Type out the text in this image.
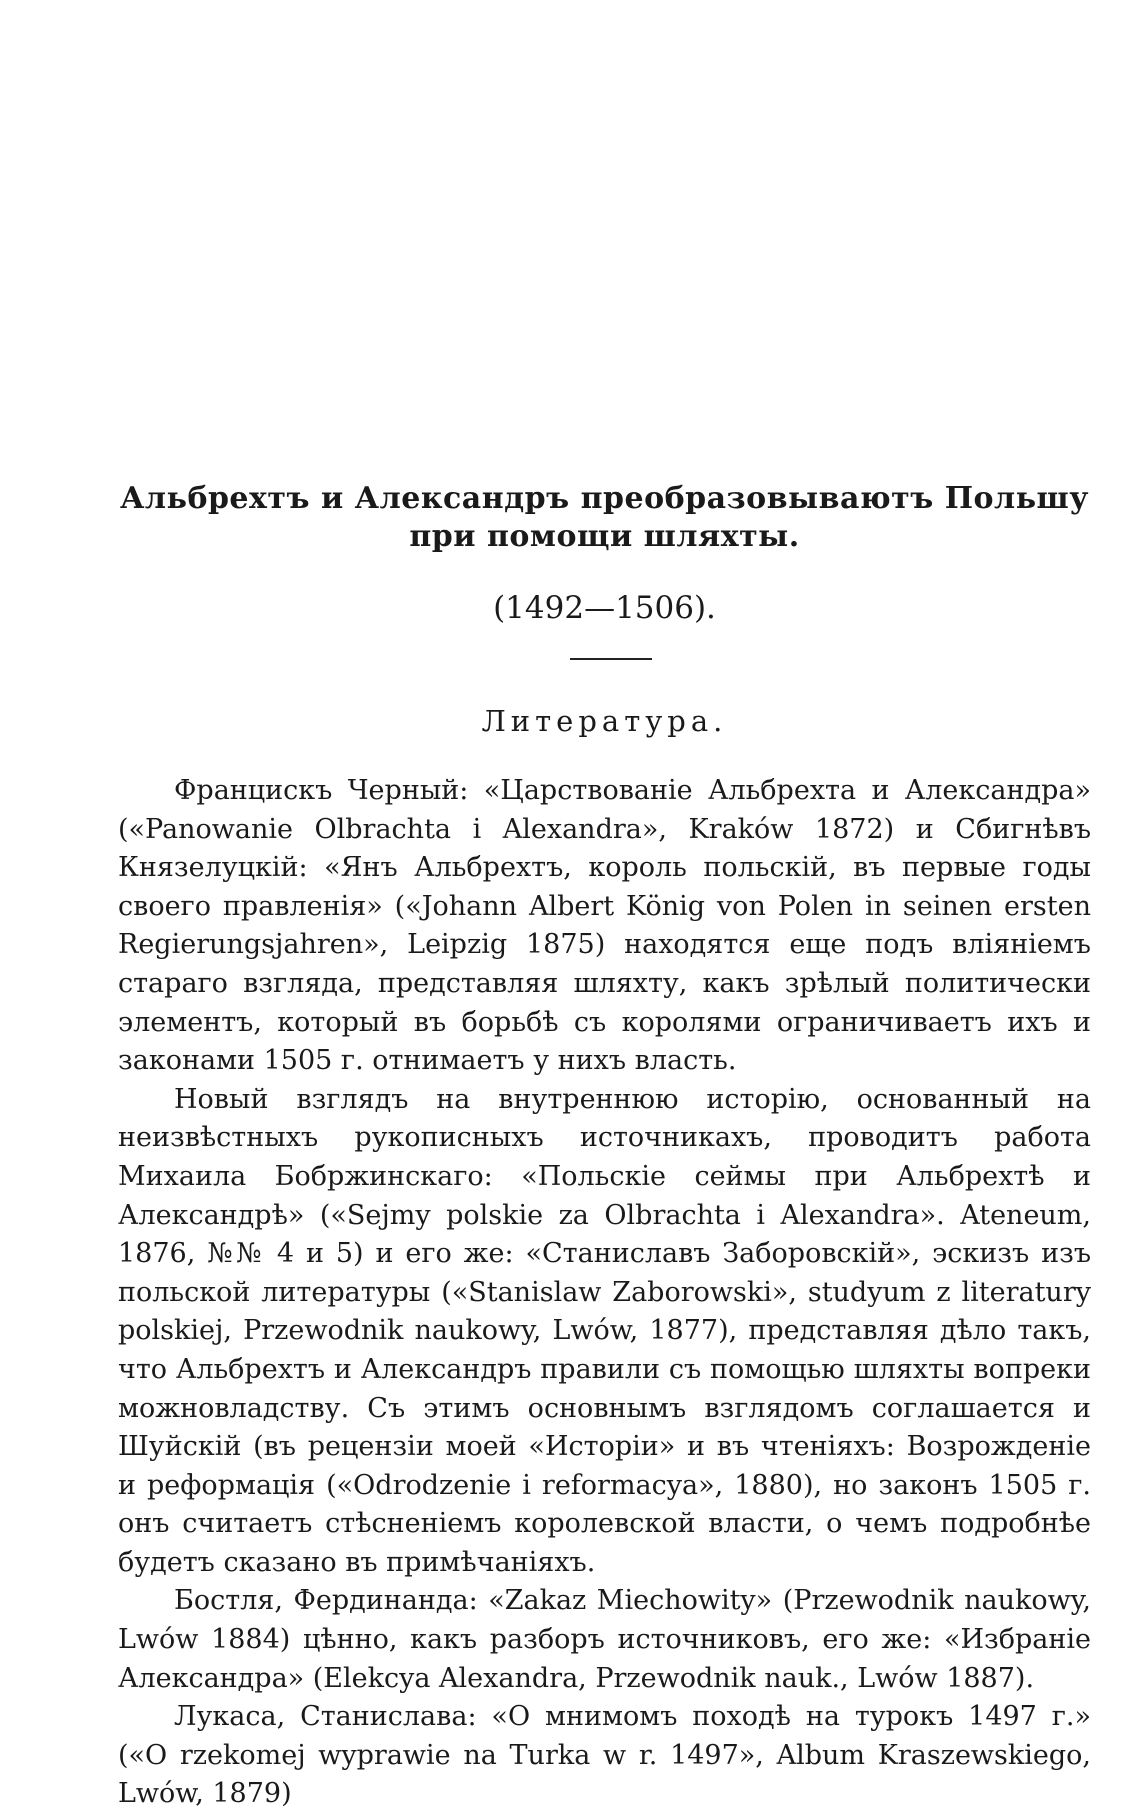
Альбрехтъ и Александръ преобразовываютъ Польшу при помощи шляхты.
(1492—1506).
Литература.

Францискъ Черный: «Царствованіе Альбрехта и Александра» («Panowanie Olbrachta i Alexandra», Kraków 1872) и Сбигнѣвъ Князелуцкій: «Янъ Альбрехтъ, король польскій, въ первые годы своего правленія» («Johann Albert König von Polen in seinen ersten Regierungsjahren», Leipzig 1875) находятся еще подъ вліяніемъ стараго взгляда, представляя шляхту, какъ зрѣлый политически элементъ, который въ борьбѣ съ королями ограничиваетъ ихъ и законами 1505 г. отнимаетъ у нихъ власть.

Новый взглядъ на внутреннюю исторію, основанный на неизвѣстныхъ рукописныхъ источникахъ, проводитъ работа Михаила Бобржинскаго: «Польскіе сеймы при Альбрехтѣ и Александрѣ» («Sejmy polskie za Olbrachta i Alexandra». Ateneum, 1876, №№ 4 и 5) и его же: «Станиславъ Заборовскій», эскизъ изъ польской литературы («Stanislaw Zaborowski», studyum z literatury polskiej, Przewodnik naukowy, Lwów, 1877), представляя дѣло такъ, что Альбрехтъ и Александръ правили съ помощью шляхты вопреки можновладству. Съ этимъ основнымъ взглядомъ соглашается и Шуйскій (въ рецензіи моей «Исторіи» и въ чтеніяхъ: Возрожденіе и реформація («Odrodzenie i reformacya», 1880), но законъ 1505 г. онъ считаетъ стѣсненіемъ королевской власти, о чемъ подробнѣе будетъ сказано въ примѣчаніяхъ.

Бостля, Фердинанда: «Zakaz Miechowity» (Przewodnik naukowy, Lwów 1884) цѣнно, какъ разборъ источниковъ, его же: «Избраніе Александра» (Elekcya Alexandra, Przewodnik nauk., Lwów 1887).

Лукаса, Станислава: «О мнимомъ походѣ на турокъ 1497 г.» («O rzekomej wyprawie na Turka w r. 1497», Album Kraszewskiego, Lwów, 1879)
